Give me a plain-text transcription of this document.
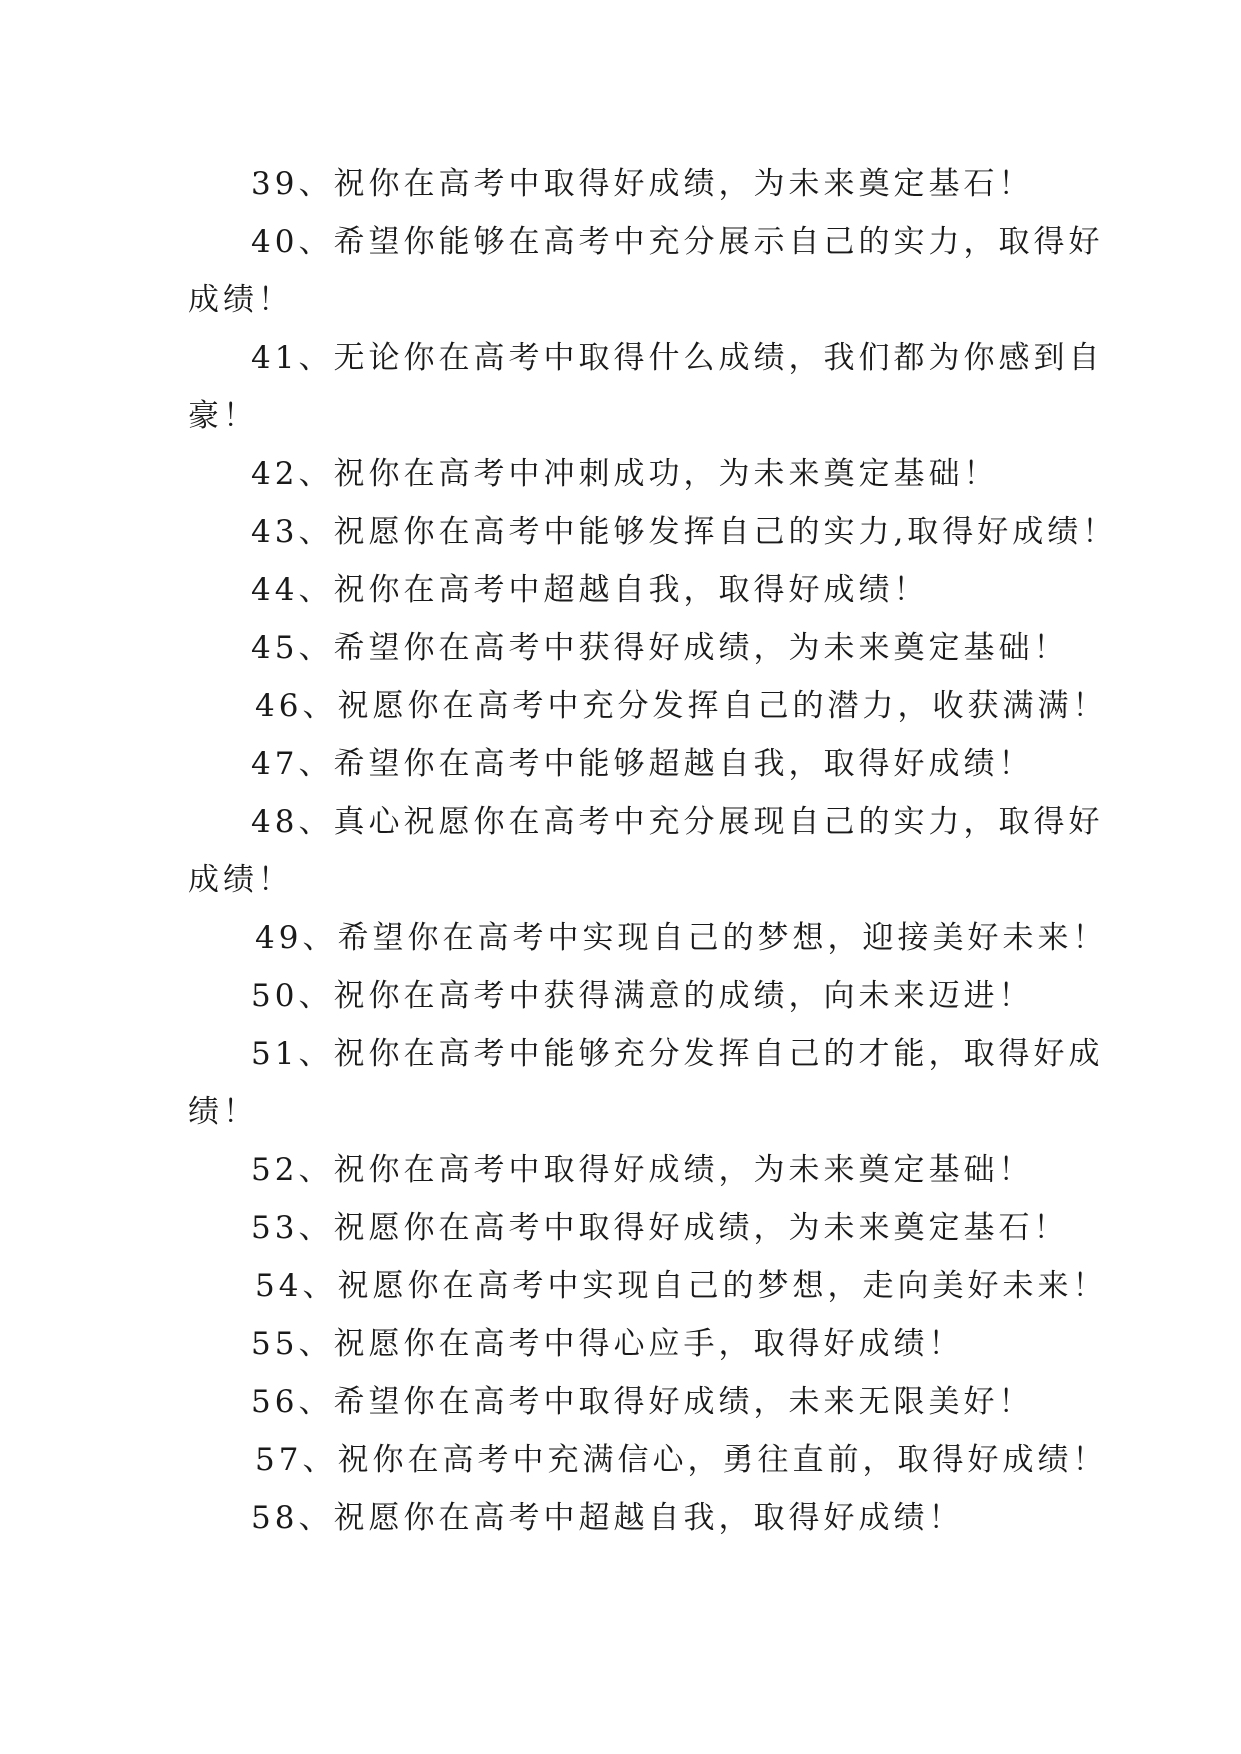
39、祝你在高考中取得好成绩，为未来奠定基石！
40、希望你能够在高考中充分展示自己的实力，取得好
成绩！
41、无论你在高考中取得什么成绩，我们都为你感到自
豪！
42、祝你在高考中冲刺成功，为未来奠定基础！
43、祝愿你在高考中能够发挥自己的实力,取得好成绩！
44、祝你在高考中超越自我，取得好成绩！
45、希望你在高考中获得好成绩，为未来奠定基础！
46、祝愿你在高考中充分发挥自己的潜力，收获满满！
47、希望你在高考中能够超越自我，取得好成绩！
48、真心祝愿你在高考中充分展现自己的实力，取得好
成绩！
49、希望你在高考中实现自己的梦想，迎接美好未来！
50、祝你在高考中获得满意的成绩，向未来迈进！
51、祝你在高考中能够充分发挥自己的才能，取得好成
绩！
52、祝你在高考中取得好成绩，为未来奠定基础！
53、祝愿你在高考中取得好成绩，为未来奠定基石！
54、祝愿你在高考中实现自己的梦想，走向美好未来！
55、祝愿你在高考中得心应手，取得好成绩！
56、希望你在高考中取得好成绩，未来无限美好！
57、祝你在高考中充满信心，勇往直前，取得好成绩！
58、祝愿你在高考中超越自我，取得好成绩！
